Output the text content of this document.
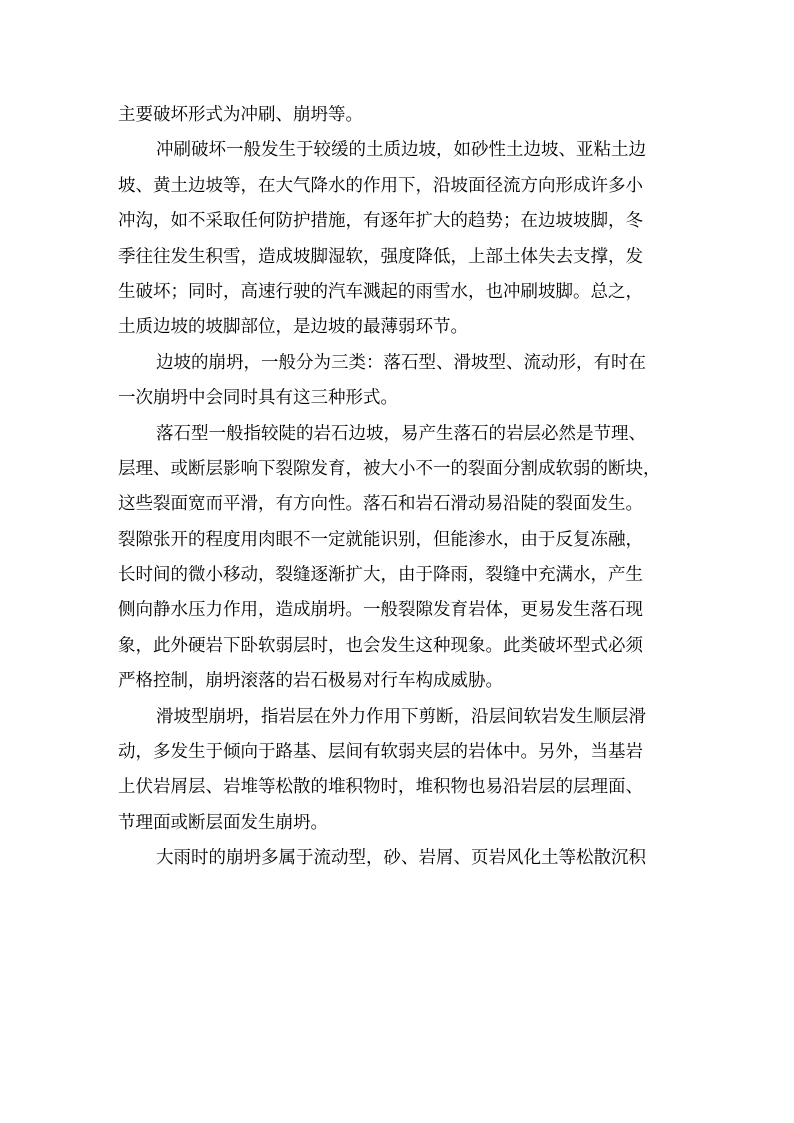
主要破坏形式为冲刷、崩坍等。
冲刷破坏一般发生于较缓的土质边坡，如砂性土边坡、亚粘土边
坡、黄土边坡等，在大气降水的作用下，沿坡面径流方向形成许多小
冲沟，如不采取任何防护措施，有逐年扩大的趋势；在边坡坡脚，冬
季往往发生积雪，造成坡脚湿软，强度降低，上部土体失去支撑，发
生破坏；同时，高速行驶的汽车溅起的雨雪水，也冲刷坡脚。总之，
土质边坡的坡脚部位，是边坡的最薄弱环节。
边坡的崩坍，一般分为三类：落石型、滑坡型、流动形，有时在
一次崩坍中会同时具有这三种形式。
落石型一般指较陡的岩石边坡，易产生落石的岩层必然是节理、
层理、或断层影响下裂隙发育，被大小不一的裂面分割成软弱的断块，
这些裂面宽而平滑，有方向性。落石和岩石滑动易沿陡的裂面发生。
裂隙张开的程度用肉眼不一定就能识别，但能渗水，由于反复冻融，
长时间的微小移动，裂缝逐渐扩大，由于降雨，裂缝中充满水，产生
侧向静水压力作用，造成崩坍。一般裂隙发育岩体，更易发生落石现
象，此外硬岩下卧软弱层时，也会发生这种现象。此类破坏型式必须
严格控制，崩坍滚落的岩石极易对行车构成威胁。
滑坡型崩坍，指岩层在外力作用下剪断，沿层间软岩发生顺层滑
动，多发生于倾向于路基、层间有软弱夹层的岩体中。另外，当基岩
上伏岩屑层、岩堆等松散的堆积物时，堆积物也易沿岩层的层理面、
节理面或断层面发生崩坍。
大雨时的崩坍多属于流动型，砂、岩屑、页岩风化土等松散沉积
